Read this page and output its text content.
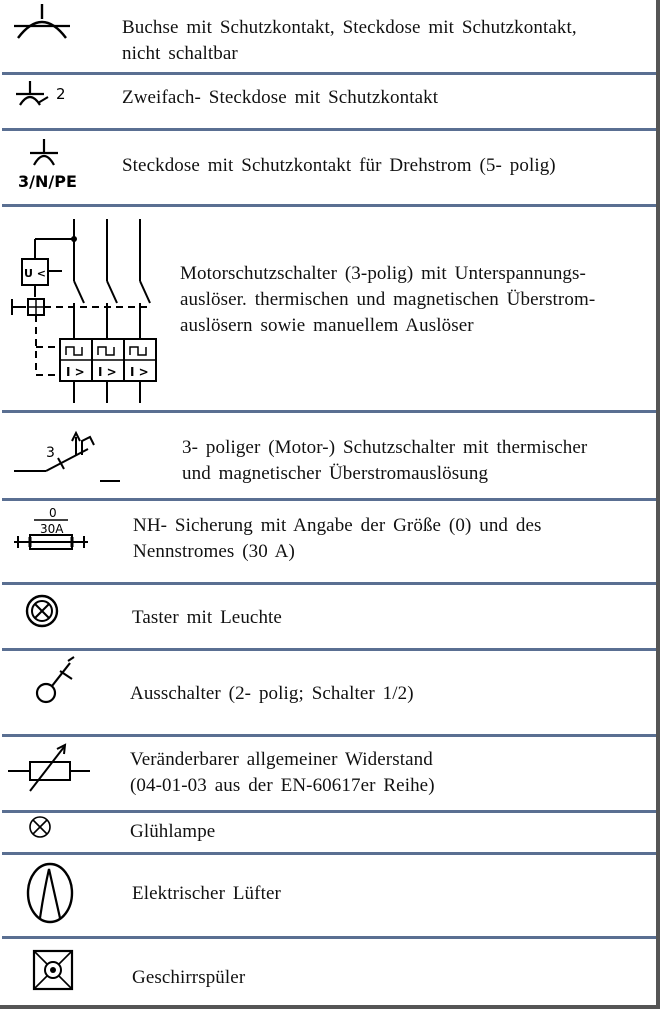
Buchse mit Schutzkontakt, Steckdose mit Schutzkontakt,
nicht schaltbar
2	Zweifach- Steckdose mit Schutzkontakt
3/N/PE
Steckdose mit Schutzkontakt für Drehstrom (5- polig)
U <
I > I > I >
Motorschutzschalter (3-polig) mit Unterspannungs-
auslöser. thermischen und magnetischen Überstrom-
auslösern sowie manuellem Auslöser
3	3- poliger (Motor-) Schutzschalter mit thermischer
und magnetischer Überstromauslösung
0
30A	NH- Sicherung mit Angabe der Größe (0) und des
Nennstromes (30 A)
Taster mit Leuchte
Ausschalter (2- polig; Schalter 1/2)
Veränderbarer allgemeiner Widerstand
(04-01-03 aus der EN-60617er Reihe)
Glühlampe
Elektrischer Lüfter
Geschirrspüler
